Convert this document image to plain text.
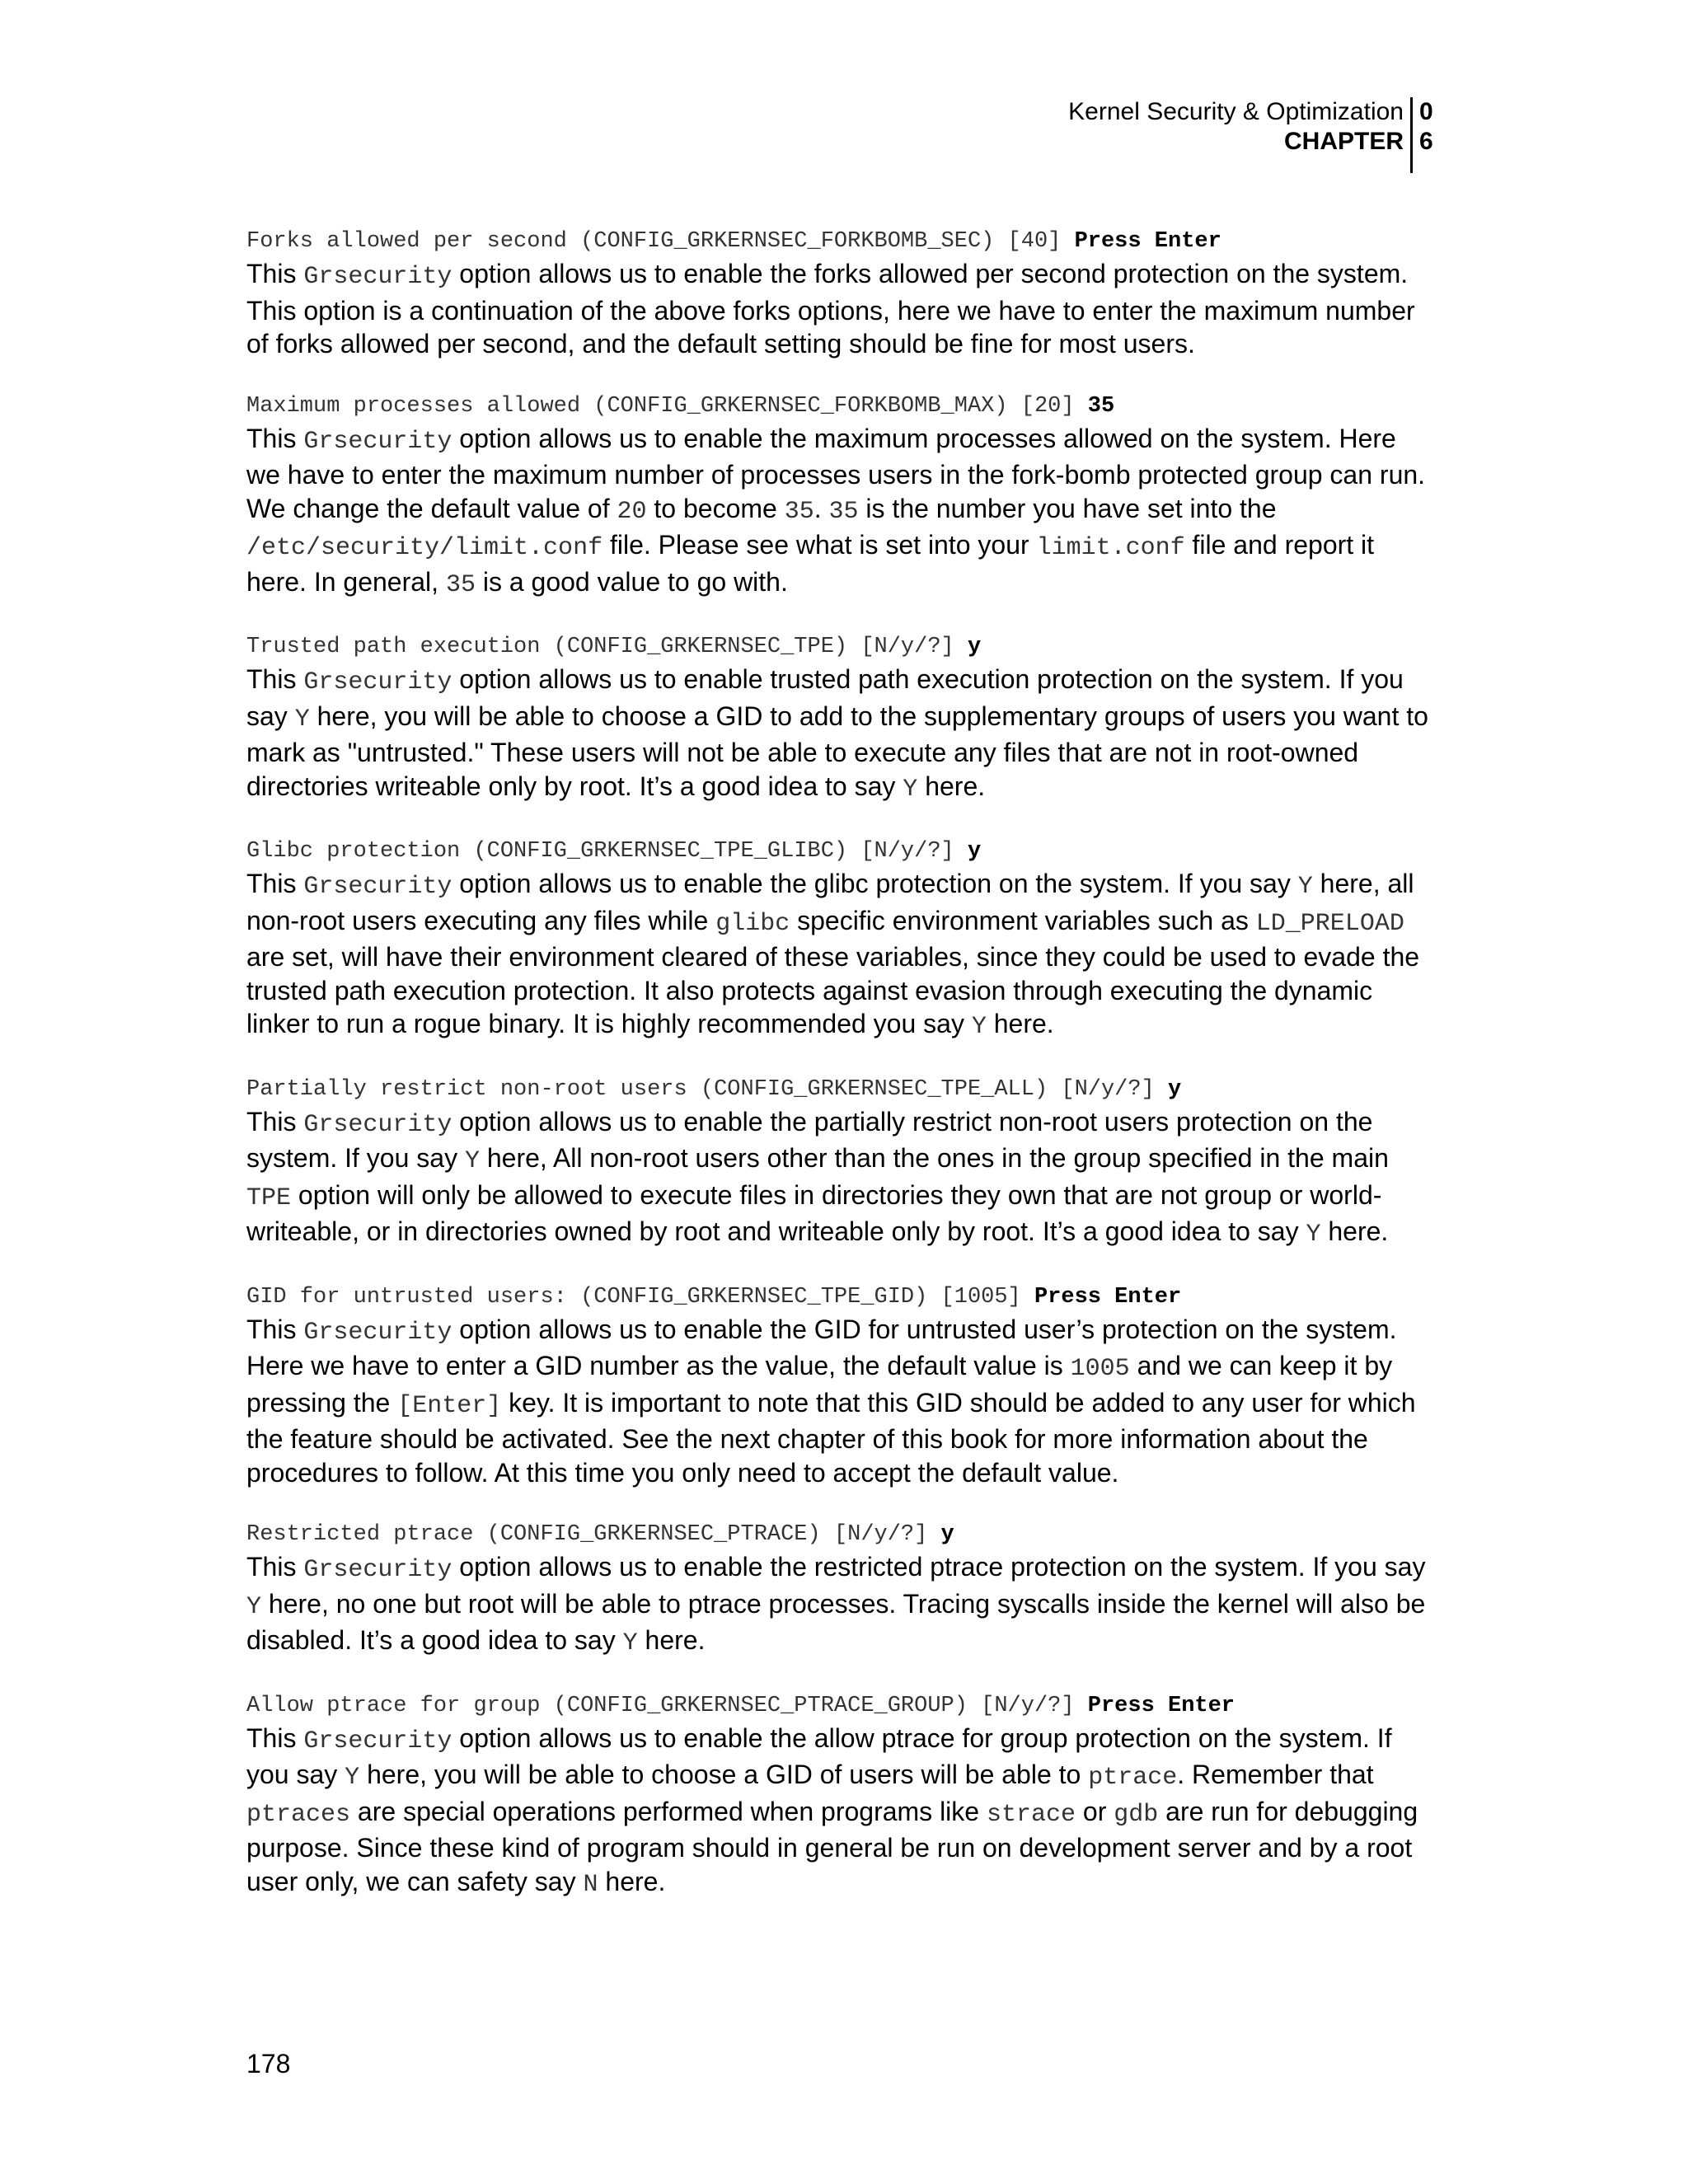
Kernel Security & Optimization
CHAPTER
0
6
Forks allowed per second (CONFIG_GRKERNSEC_FORKBOMB_SEC) [40] Press Enter
This Grsecurity option allows us to enable the forks allowed per second protection on the system. This option is a continuation of the above forks options, here we have to enter the maximum number of forks allowed per second, and the default setting should be fine for most users.
Maximum processes allowed (CONFIG_GRKERNSEC_FORKBOMB_MAX) [20] 35
This Grsecurity option allows us to enable the maximum processes allowed on the system. Here we have to enter the maximum number of processes users in the fork-bomb protected group can run. We change the default value of 20 to become 35. 35 is the number you have set into the /etc/security/limit.conf file. Please see what is set into your limit.conf file and report it here. In general, 35 is a good value to go with.
Trusted path execution (CONFIG_GRKERNSEC_TPE) [N/y/?] y
This Grsecurity option allows us to enable trusted path execution protection on the system. If you say Y here, you will be able to choose a GID to add to the supplementary groups of users you want to mark as "untrusted." These users will not be able to execute any files that are not in root-owned directories writeable only by root. It’s a good idea to say Y here.
Glibc protection (CONFIG_GRKERNSEC_TPE_GLIBC) [N/y/?] y
This Grsecurity option allows us to enable the glibc protection on the system. If you say Y here, all non-root users executing any files while glibc specific environment variables such as LD_PRELOAD are set, will have their environment cleared of these variables, since they could be used to evade the trusted path execution protection. It also protects against evasion through executing the dynamic linker to run a rogue binary. It is highly recommended you say Y here.
Partially restrict non-root users (CONFIG_GRKERNSEC_TPE_ALL) [N/y/?] y
This Grsecurity option allows us to enable the partially restrict non-root users protection on the system. If you say Y here, All non-root users other than the ones in the group specified in the main TPE option will only be allowed to execute files in directories they own that are not group or world-writeable, or in directories owned by root and writeable only by root. It’s a good idea to say Y here.
GID for untrusted users: (CONFIG_GRKERNSEC_TPE_GID) [1005] Press Enter
This Grsecurity option allows us to enable the GID for untrusted user’s protection on the system. Here we have to enter a GID number as the value, the default value is 1005 and we can keep it by pressing the [Enter] key. It is important to note that this GID should be added to any user for which the feature should be activated. See the next chapter of this book for more information about the procedures to follow. At this time you only need to accept the default value.
Restricted ptrace (CONFIG_GRKERNSEC_PTRACE) [N/y/?] y
This Grsecurity option allows us to enable the restricted ptrace protection on the system. If you say Y here, no one but root will be able to ptrace processes. Tracing syscalls inside the kernel will also be disabled. It’s a good idea to say Y here.
Allow ptrace for group (CONFIG_GRKERNSEC_PTRACE_GROUP) [N/y/?] Press Enter
This Grsecurity option allows us to enable the allow ptrace for group protection on the system. If you say Y here, you will be able to choose a GID of users will be able to ptrace. Remember that ptraces are special operations performed when programs like strace or gdb are run for debugging purpose. Since these kind of program should in general be run on development server and by a root user only, we can safety say N here.
178
